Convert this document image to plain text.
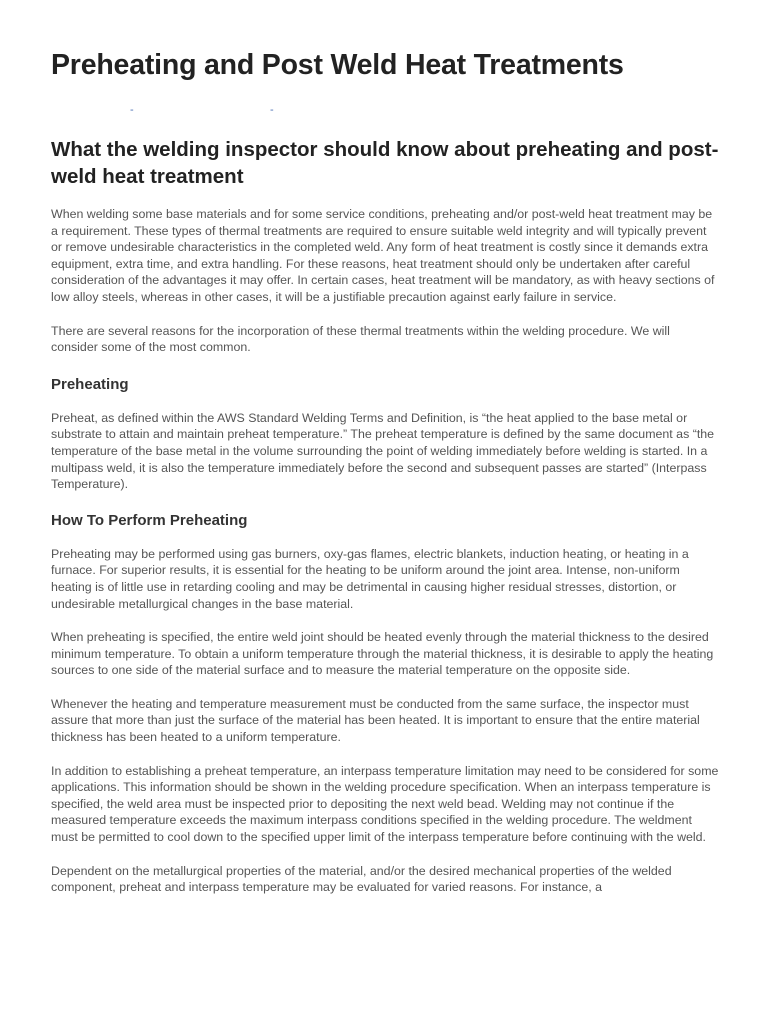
Preheating and Post Weld Heat Treatments
-	-
What the welding inspector should know about preheating and post-weld heat treatment

When welding some base materials and for some service conditions, preheating and/or post-weld heat treatment may be a requirement. These types of thermal treatments are required to ensure suitable weld integrity and will typically prevent or remove undesirable characteristics in the completed weld. Any form of heat treatment is costly since it demands extra equipment, extra time, and extra handling. For these reasons, heat treatment should only be undertaken after careful consideration of the advantages it may offer. In certain cases, heat treatment will be mandatory, as with heavy sections of low alloy steels, whereas in other cases, it will be a justifiable precaution against early failure in service.

There are several reasons for the incorporation of these thermal treatments within the welding procedure. We will consider some of the most common.

Preheating

Preheat, as defined within the AWS Standard Welding Terms and Definition, is “the heat applied to the base metal or substrate to attain and maintain preheat temperature.” The preheat temperature is defined by the same document as “the temperature of the base metal in the volume surrounding the point of welding immediately before welding is started. In a multipass weld, it is also the temperature immediately before the second and subsequent passes are started” (Interpass Temperature).

How To Perform Preheating

Preheating may be performed using gas burners, oxy-gas flames, electric blankets, induction heating, or heating in a furnace. For superior results, it is essential for the heating to be uniform around the joint area. Intense, non-uniform heating is of little use in retarding cooling and may be detrimental in causing higher residual stresses, distortion, or undesirable metallurgical changes in the base material.

When preheating is specified, the entire weld joint should be heated evenly through the material thickness to the desired minimum temperature. To obtain a uniform temperature through the material thickness, it is desirable to apply the heating sources to one side of the material surface and to measure the material temperature on the opposite side.

Whenever the heating and temperature measurement must be conducted from the same surface, the inspector must assure that more than just the surface of the material has been heated. It is important to ensure that the entire material thickness has been heated to a uniform temperature.

In addition to establishing a preheat temperature, an interpass temperature limitation may need to be considered for some applications. This information should be shown in the welding procedure specification. When an interpass temperature is specified, the weld area must be inspected prior to depositing the next weld bead. Welding may not continue if the measured temperature exceeds the maximum interpass conditions specified in the welding procedure. The weldment must be permitted to cool down to the specified upper limit of the interpass temperature before continuing with the weld.

Dependent on the metallurgical properties of the material, and/or the desired mechanical properties of the welded component, preheat and interpass temperature may be evaluated for varied reasons. For instance, a
